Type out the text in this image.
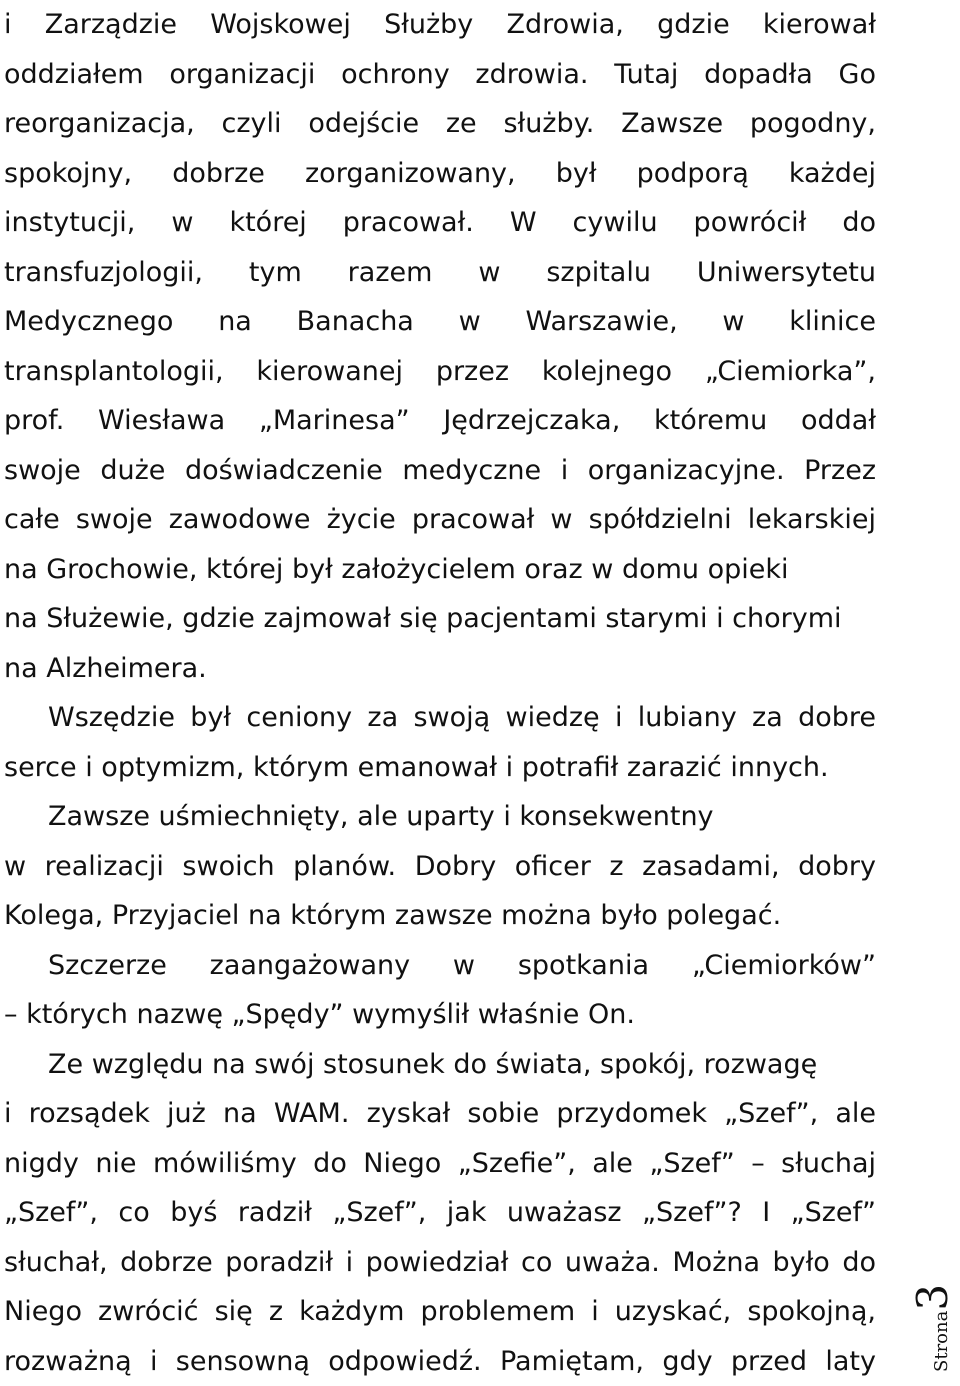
i Zarządzie Wojskowej Służby Zdrowia, gdzie kierował
oddziałem organizacji ochrony zdrowia. Tutaj dopadła Go
reorganizacja, czyli odejście ze służby. Zawsze pogodny,
spokojny, dobrze zorganizowany, był podporą każdej
instytucji, w której pracował. W cywilu powrócił do
transfuzjologii, tym razem w szpitalu Uniwersytetu
Medycznego na Banacha w Warszawie, w klinice
transplantologii, kierowanej przez kolejnego „Ciemiorka”,
prof. Wiesława „Marinesa” Jędrzejczaka, któremu oddał
swoje duże doświadczenie medyczne i organizacyjne. Przez
całe swoje zawodowe życie pracował w spółdzielni lekarskiej
na Grochowie, której był założycielem oraz w domu opieki
na Służewie, gdzie zajmował się pacjentami starymi i chorymi
na Alzheimera.
Wszędzie był ceniony za swoją wiedzę i lubiany za dobre
serce i optymizm, którym emanował i potrafił zarazić innych.
Zawsze uśmiechnięty, ale uparty i konsekwentny
w realizacji swoich planów. Dobry oficer z zasadami, dobry
Kolega, Przyjaciel na którym zawsze można było polegać.
Szczerze zaangażowany w spotkania „Ciemiorków”
– których nazwę „Spędy” wymyślił właśnie On.
Ze względu na swój stosunek do świata, spokój, rozwagę
i rozsądek już na WAM. zyskał sobie przydomek „Szef”, ale
nigdy nie mówiliśmy do Niego „Szefie”, ale „Szef” – słuchaj
„Szef”, co byś radził „Szef”, jak uważasz „Szef”? I „Szef”
słuchał, dobrze poradził i powiedział co uważa. Można było do
Niego zwrócić się z każdym problemem i uzyskać, spokojną,
rozważną i sensowną odpowiedź. Pamiętam, gdy przed laty	Strona3
